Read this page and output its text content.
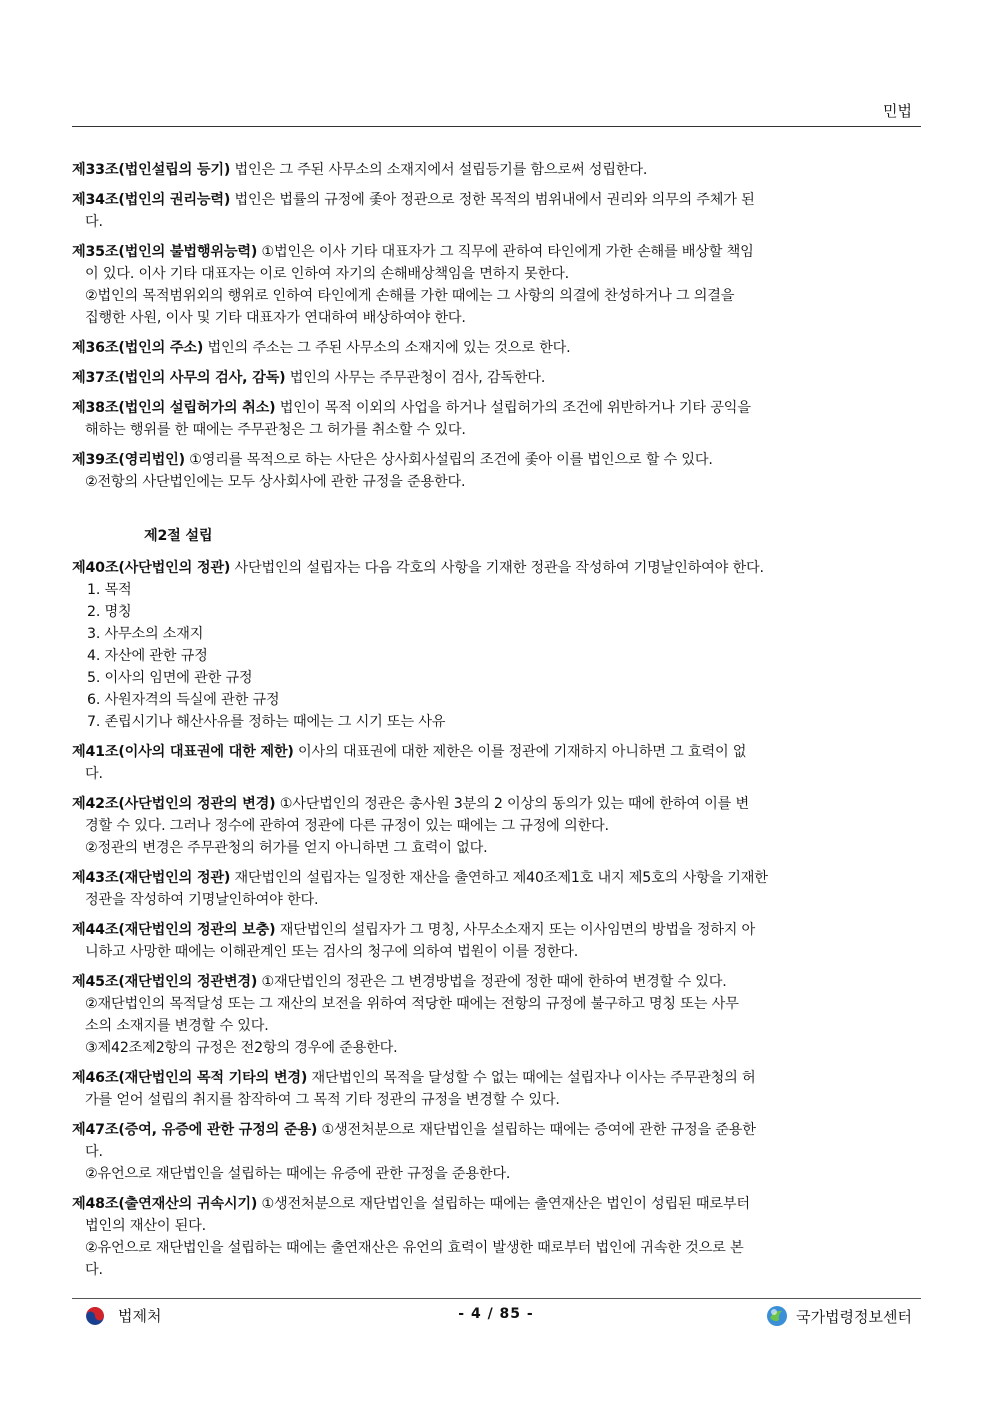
민법
제33조(법인설립의 등기) 법인은 그 주된 사무소의 소재지에서 설립등기를 함으로써 성립한다.
제34조(법인의 권리능력) 법인은 법률의 규정에 좇아 정관으로 정한 목적의 범위내에서 권리와 의무의 주체가 된
다.
제35조(법인의 불법행위능력) ①법인은 이사 기타 대표자가 그 직무에 관하여 타인에게 가한 손해를 배상할 책임
이 있다. 이사 기타 대표자는 이로 인하여 자기의 손해배상책임을 면하지 못한다.
②법인의 목적범위외의 행위로 인하여 타인에게 손해를 가한 때에는 그 사항의 의결에 찬성하거나 그 의결을
집행한 사원, 이사 및 기타 대표자가 연대하여 배상하여야 한다.
제36조(법인의 주소) 법인의 주소는 그 주된 사무소의 소재지에 있는 것으로 한다.
제37조(법인의 사무의 검사, 감독) 법인의 사무는 주무관청이 검사, 감독한다.
제38조(법인의 설립허가의 취소) 법인이 목적 이외의 사업을 하거나 설립허가의 조건에 위반하거나 기타 공익을
해하는 행위를 한 때에는 주무관청은 그 허가를 취소할 수 있다.
제39조(영리법인) ①영리를 목적으로 하는 사단은 상사회사설립의 조건에 좇아 이를 법인으로 할 수 있다.
②전항의 사단법인에는 모두 상사회사에 관한 규정을 준용한다.
제2절 설립
제40조(사단법인의 정관) 사단법인의 설립자는 다음 각호의 사항을 기재한 정관을 작성하여 기명날인하여야 한다.
1. 목적
2. 명칭
3. 사무소의 소재지
4. 자산에 관한 규정
5. 이사의 임면에 관한 규정
6. 사원자격의 득실에 관한 규정
7. 존립시기나 해산사유를 정하는 때에는 그 시기 또는 사유
제41조(이사의 대표권에 대한 제한) 이사의 대표권에 대한 제한은 이를 정관에 기재하지 아니하면 그 효력이 없
다.
제42조(사단법인의 정관의 변경) ①사단법인의 정관은 총사원 3분의 2 이상의 동의가 있는 때에 한하여 이를 변
경할 수 있다. 그러나 정수에 관하여 정관에 다른 규정이 있는 때에는 그 규정에 의한다.
②정관의 변경은 주무관청의 허가를 얻지 아니하면 그 효력이 없다.
제43조(재단법인의 정관) 재단법인의 설립자는 일정한 재산을 출연하고 제40조제1호 내지 제5호의 사항을 기재한
정관을 작성하여 기명날인하여야 한다.
제44조(재단법인의 정관의 보충) 재단법인의 설립자가 그 명칭, 사무소소재지 또는 이사임면의 방법을 정하지 아
니하고 사망한 때에는 이해관계인 또는 검사의 청구에 의하여 법원이 이를 정한다.
제45조(재단법인의 정관변경) ①재단법인의 정관은 그 변경방법을 정관에 정한 때에 한하여 변경할 수 있다.
②재단법인의 목적달성 또는 그 재산의 보전을 위하여 적당한 때에는 전항의 규정에 불구하고 명칭 또는 사무
소의 소재지를 변경할 수 있다.
③제42조제2항의 규정은 전2항의 경우에 준용한다.
제46조(재단법인의 목적 기타의 변경) 재단법인의 목적을 달성할 수 없는 때에는 설립자나 이사는 주무관청의 허
가를 얻어 설립의 취지를 참작하여 그 목적 기타 정관의 규정을 변경할 수 있다.
제47조(증여, 유증에 관한 규정의 준용) ①생전처분으로 재단법인을 설립하는 때에는 증여에 관한 규정을 준용한
다.
②유언으로 재단법인을 설립하는 때에는 유증에 관한 규정을 준용한다.
제48조(출연재산의 귀속시기) ①생전처분으로 재단법인을 설립하는 때에는 출연재산은 법인이 성립된 때로부터
법인의 재산이 된다.
②유언으로 재단법인을 설립하는 때에는 출연재산은 유언의 효력이 발생한 때로부터 법인에 귀속한 것으로 본
다.
법제처	- 4 / 85 -	국가법령정보센터
